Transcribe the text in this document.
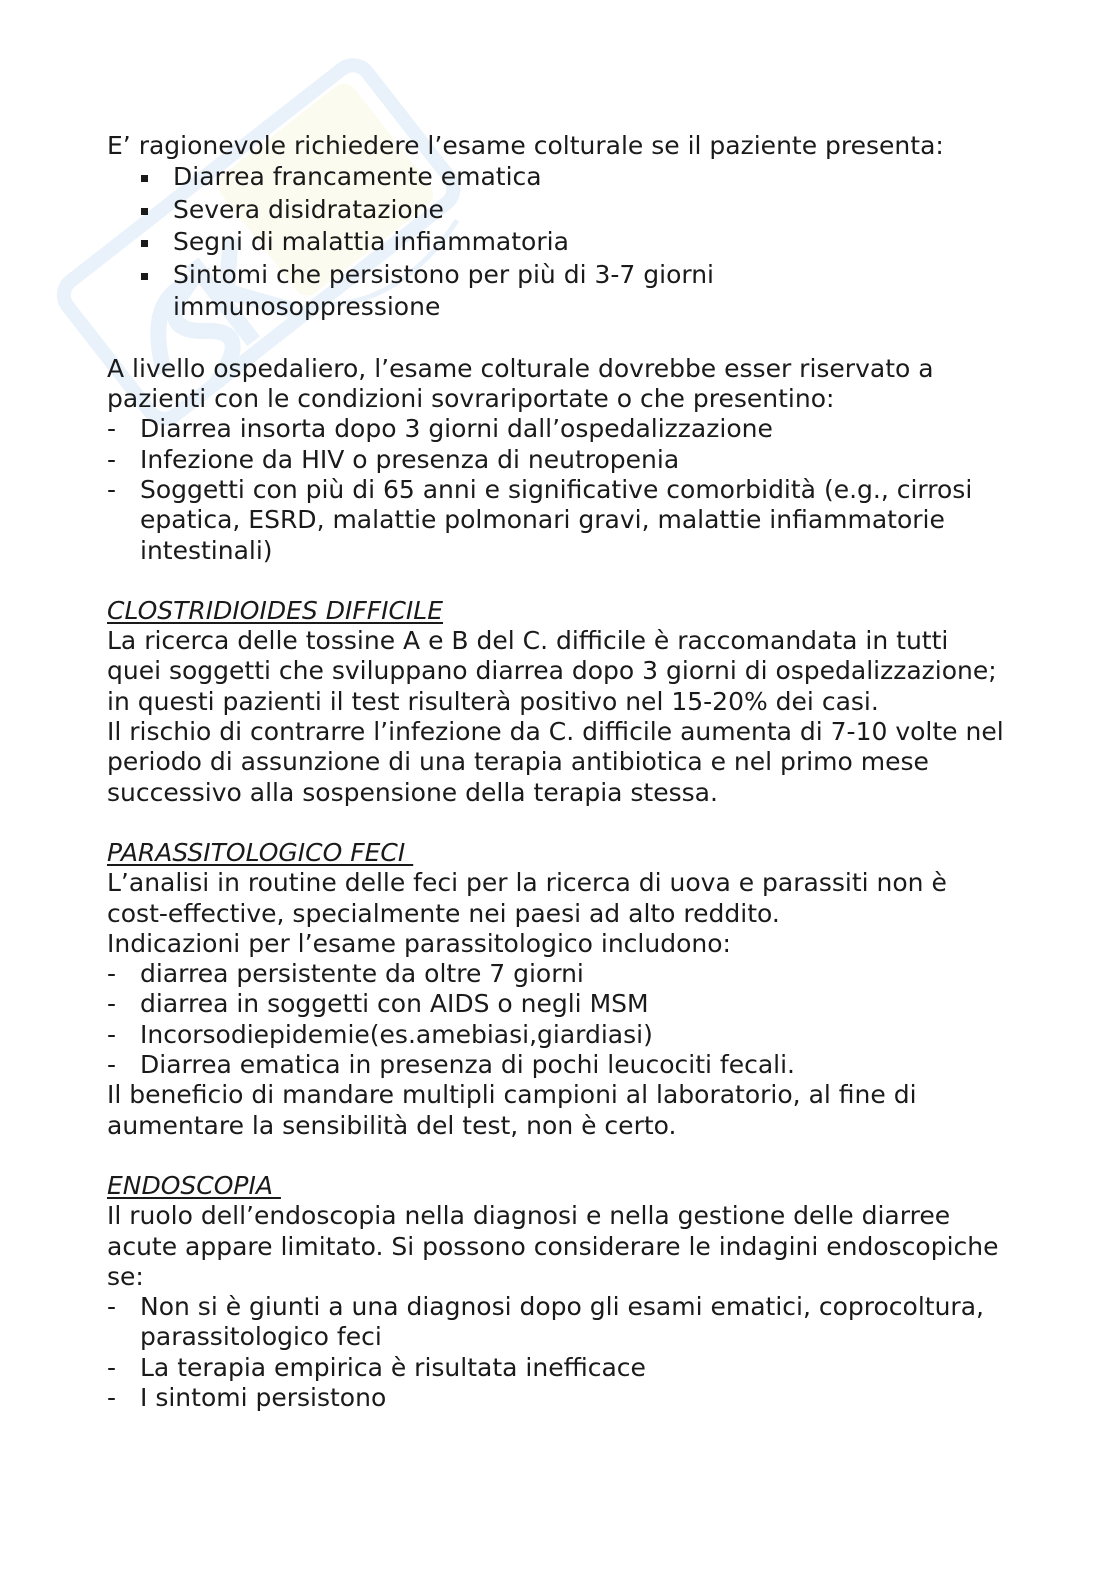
E’ ragionevole richiedere l’esame colturale se il paziente presenta:

Diarrea francamente ematica
Severa disidratazione
Segni di malattia infiammatoria
Sintomi che persistono per più di 3-7 giorni immunosoppressione

A livello ospedaliero, l’esame colturale dovrebbe esser riservato a pazienti con le condizioni sovrariportate o che presentino:

- Diarrea insorta dopo 3 giorni dall’ospedalizzazione
- Infezione da HIV o presenza di neutropenia
- Soggetti con più di 65 anni e significative comorbidità (e.g., cirrosi epatica, ESRD, malattie polmonari gravi, malattie infiammatorie intestinali)

CLOSTRIDIOIDES DIFFICILE

La ricerca delle tossine A e B del C. difficile è raccomandata in tutti quei soggetti che sviluppano diarrea dopo 3 giorni di ospedalizzazione; in questi pazienti il test risulterà positivo nel 15-20% dei casi.

Il rischio di contrarre l’infezione da C. difficile aumenta di 7-10 volte nel periodo di assunzione di una terapia antibiotica e nel primo mese successivo alla sospensione della terapia stessa.

PARASSITOLOGICO FECI

L’analisi in routine delle feci per la ricerca di uova e parassiti non è cost-effective, specialmente nei paesi ad alto reddito.

Indicazioni per l’esame parassitologico includono:

- diarrea persistente da oltre 7 giorni
- diarrea in soggetti con AIDS o negli MSM
- Incorsodiepidemie(es.amebiasi,giardiasi)
- Diarrea ematica in presenza di pochi leucociti fecali.

Il beneficio di mandare multipli campioni al laboratorio, al fine di aumentare la sensibilità del test, non è certo.

ENDOSCOPIA

Il ruolo dell’endoscopia nella diagnosi e nella gestione delle diarree acute appare limitato. Si possono considerare le indagini endoscopiche se:

- Non si è giunti a una diagnosi dopo gli esami ematici, coprocoltura, parassitologico feci
- La terapia empirica è risultata inefficace
- I sintomi persistono
